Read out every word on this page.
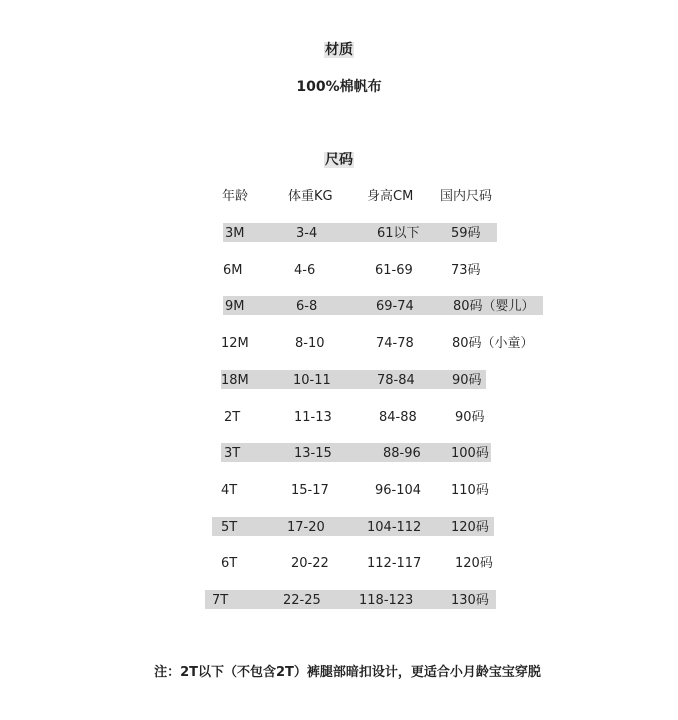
材质
100%棉帆布
尺码
年龄	体重KG	身高CM 国内尺码
3M	3-4	61以下 59码
6M	4-6	61-69	73码
9M	6-8	69-74	80码（婴儿）
12M	8-10	74-78	80码（小童）
18M	10-11	78-84	90码
2T	11-13	84-88	90码
3T	13-15	88-96 100码
4T	15-17	96-104 110码
5T	17-20	104-112 120码
6T	20-22	112-117	120码
7T	22-25	118-123	130码
注：2T以下（不包含2T）裤腿部暗扣设计，更适合小月龄宝宝穿脱
